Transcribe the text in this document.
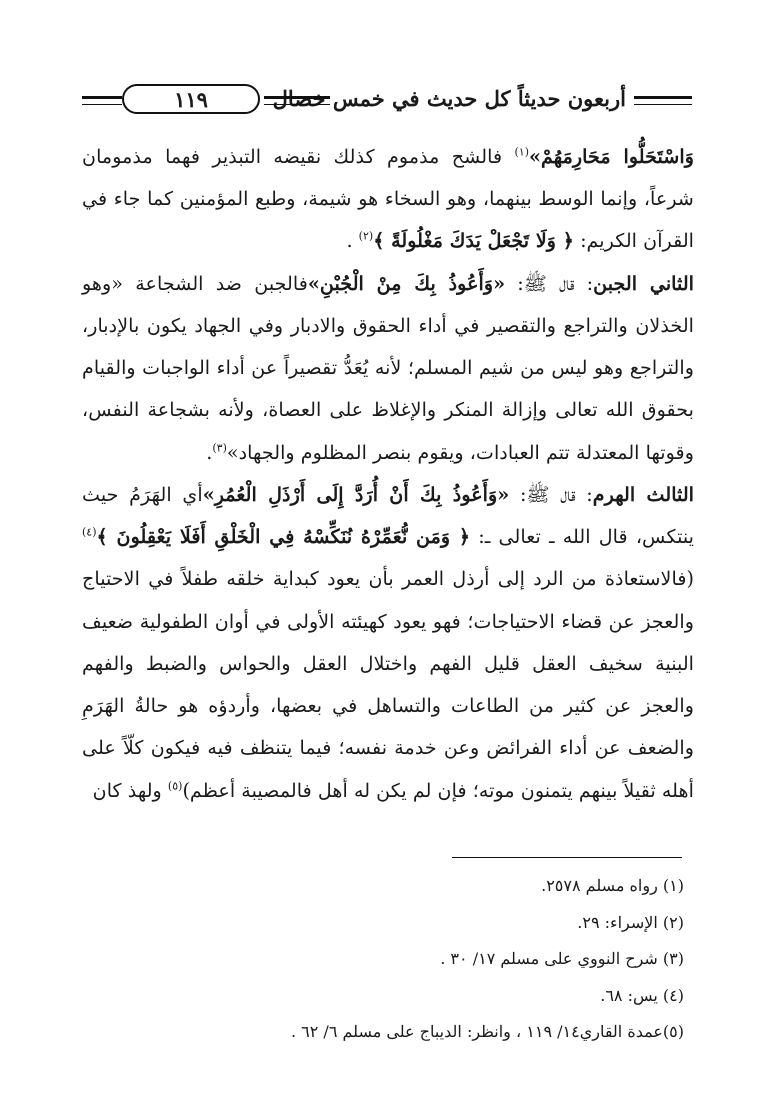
أربعون حديثاً كل حديث في خمس خصال
١١٩

وَاسْتَحَلُّوا مَحَارِمَهُمْ»$^{(١)}$ فالشح مذموم كذلك نقيضه التبذير فهما مذمومان شرعاً، وإنما الوسط بينهما، وهو السخاء هو شيمة، وطبع المؤمنين كما جاء في القرآن الكريم: ﴿ وَلَا تَجْعَلْ يَدَكَ مَغْلُولَةً ﴾$^{(٢)}$ .

الثاني الجبن: قال ﷺ: «وَأَعُوذُ بِكَ مِنْ الْجُبْنِ»فالجبن ضد الشجاعة «وهو الخذلان والتراجع والتقصير في أداء الحقوق والادبار وفي الجهاد يكون بالإدبار، والتراجع وهو ليس من شيم المسلم؛ لأنه يُعَدُّ تقصيراً عن أداء الواجبات والقيام بحقوق الله تعالى وإزالة المنكر والإغلاظ على العصاة، ولأنه بشجاعة النفس، وقوتها المعتدلة تتم العبادات، ويقوم بنصر المظلوم والجهاد»$^{(٣)}$.

الثالث الهرم: قال ﷺ: «وَأَعُوذُ بِكَ أَنْ أُرَدَّ إِلَى أَرْذَلِ الْعُمُرِ»أي الهَرَمُ حيث ينتكس، قال الله ـ تعالى ـ: ﴿ وَمَن نُّعَمِّرْهُ نُنَكِّسْهُ فِي الْخَلْقِ أَفَلَا يَعْقِلُونَ ﴾$^{(٤)}$ (فالاستعاذة من الرد إلى أرذل العمر بأن يعود كبداية خلقه طفلاً في الاحتياج والعجز عن قضاء الاحتياجات؛ فهو يعود كهيئته الأولى في أوان الطفولية ضعيف البنية سخيف العقل قليل الفهم واختلال العقل والحواس والضبط والفهم والعجز عن كثير من الطاعات والتساهل في بعضها، وأردؤه هو حالةُ الهَرَمِ والضعف عن أداء الفرائض وعن خدمة نفسه؛ فيما يتنظف فيه فيكون كلّاً على أهله ثقيلاً بينهم يتمنون موته؛ فإن لم يكن له أهل فالمصيبة أعظم)$^{(٥)}$ ولهذ كان

(١) رواه مسلم ٢٥٧٨.
(٢) الإسراء: ٢٩.
(٣) شرح النووي على مسلم ١٧/ ٣٠ .
(٤) يس: ٦٨.
(٥)عمدة القاري١٤/ ١١٩ ، وانظر: الديباج على مسلم ٦/ ٦٢ .
